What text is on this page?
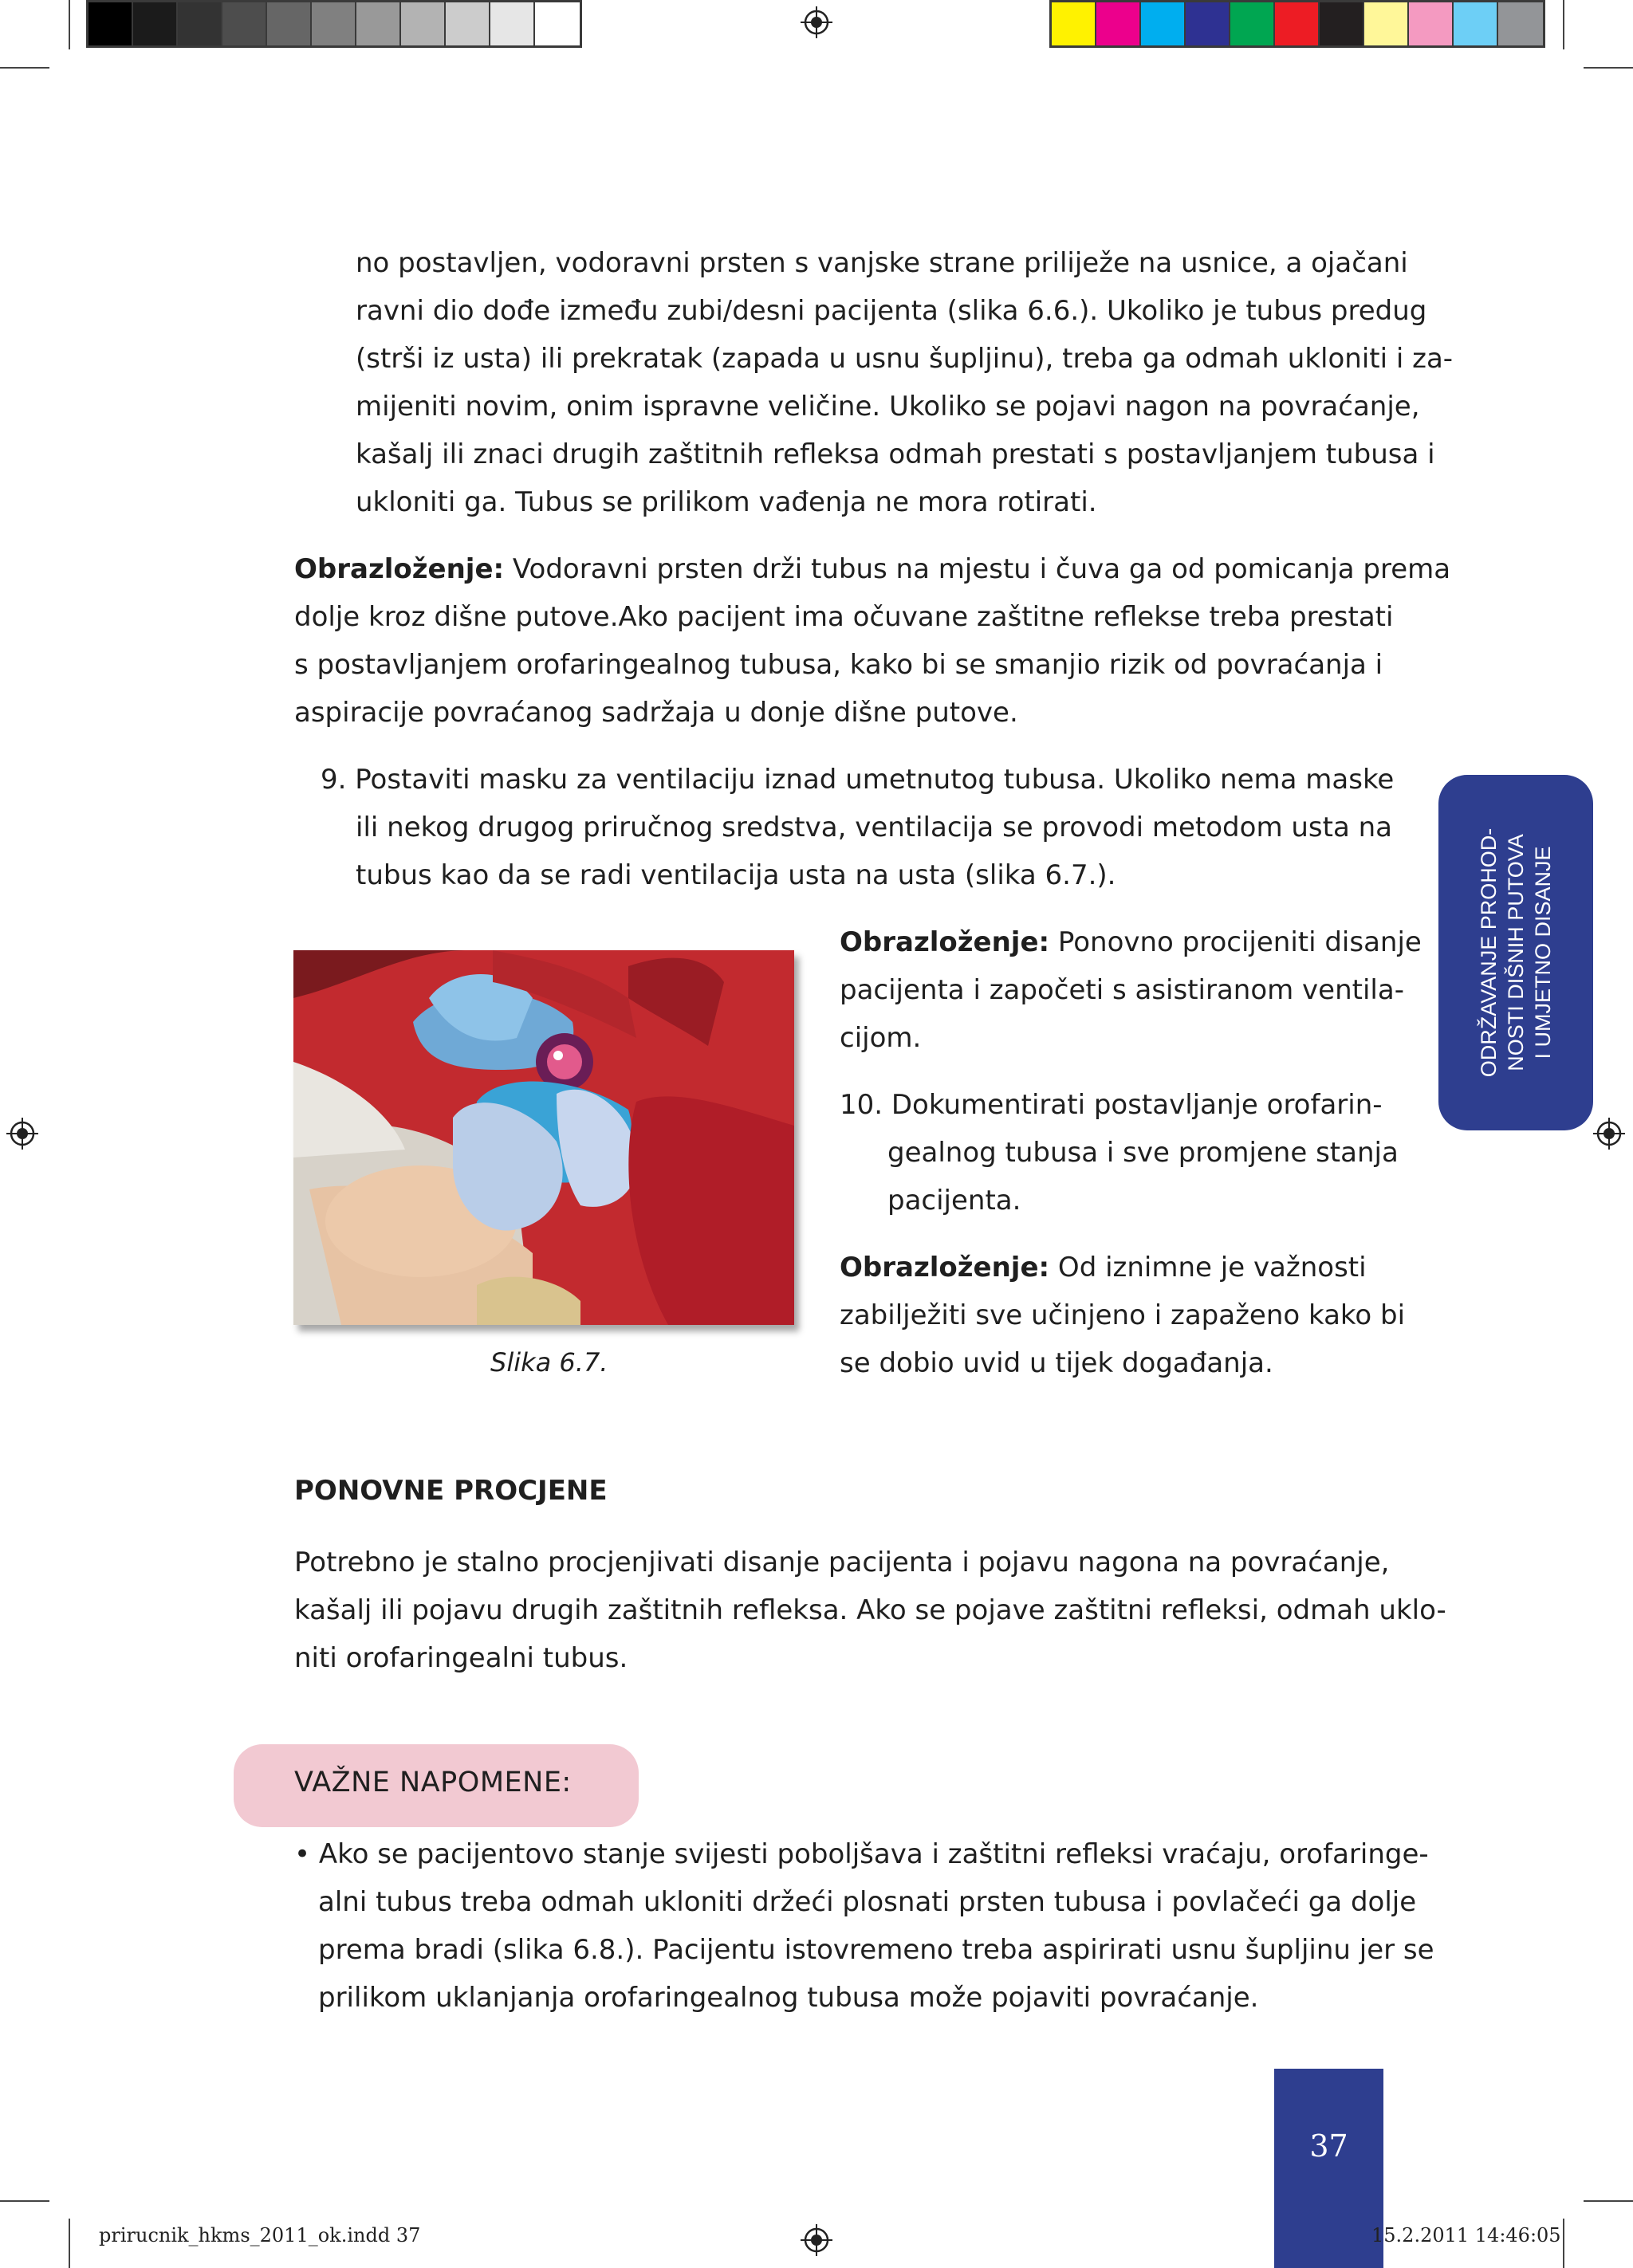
no postavljen, vodoravni prsten s vanjske strane priliježe na usnice, a ojačani
ravni dio dođe između zubi/desni pacijenta (slika 6.6.). Ukoliko je tubus predug
(strši iz usta) ili prekratak (zapada u usnu šupljinu), treba ga odmah ukloniti i za-
mijeniti novim, onim ispravne veličine. Ukoliko se pojavi nagon na povraćanje,
kašalj ili znaci drugih zaštitnih refleksa odmah prestati s postavljanjem tubusa i
ukloniti ga. Tubus se prilikom vađenja ne mora rotirati.
Obrazloženje: Vodoravni prsten drži tubus na mjestu i čuva ga od pomicanja prema
dolje kroz dišne putove.Ako pacijent ima očuvane zaštitne reflekse treba prestati
s postavljanjem orofaringealnog tubusa, kako bi se smanjio rizik od povraćanja i
aspiracije povraćanog sadržaja u donje dišne putove.
9. Postaviti masku za ventilaciju iznad umetnutog tubusa. Ukoliko nema maske
ili nekog drugog priručnog sredstva, ventilacija se provodi metodom usta na
tubus kao da se radi ventilacija usta na usta (slika 6.7.).
Slika 6.7.
Obrazloženje: Ponovno procijeniti disanje
pacijenta i započeti s asistiranom ventila-
cijom.
10. Dokumentirati postavljanje orofarin-
gealnog tubusa i sve promjene stanja
pacijenta.
Obrazloženje: Od iznimne je važnosti
zabilježiti sve učinjeno i zapaženo kako bi
se dobio uvid u tijek događanja.
ODRŽAVANJE PROHOD- NOSTI DIŠNIH PUTOVA I UMJETNO DISANJE
PONOVNE PROCJENE
Potrebno je stalno procjenjivati disanje pacijenta i pojavu nagona na povraćanje,
kašalj ili pojavu drugih zaštitnih refleksa. Ako se pojave zaštitni refleksi, odmah uklo-
niti orofaringealni tubus.
VAŽNE NAPOMENE:
• Ako se pacijentovo stanje svijesti poboljšava i zaštitni refleksi vraćaju, orofaringe-
alni tubus treba odmah ukloniti držeći plosnati prsten tubusa i povlačeći ga dolje
prema bradi (slika 6.8.). Pacijentu istovremeno treba aspirirati usnu šupljinu jer se
prilikom uklanjanja orofaringealnog tubusa može pojaviti povraćanje.
37
prirucnik_hkms_2011_ok.indd 37	15.2.2011 14:46:05
